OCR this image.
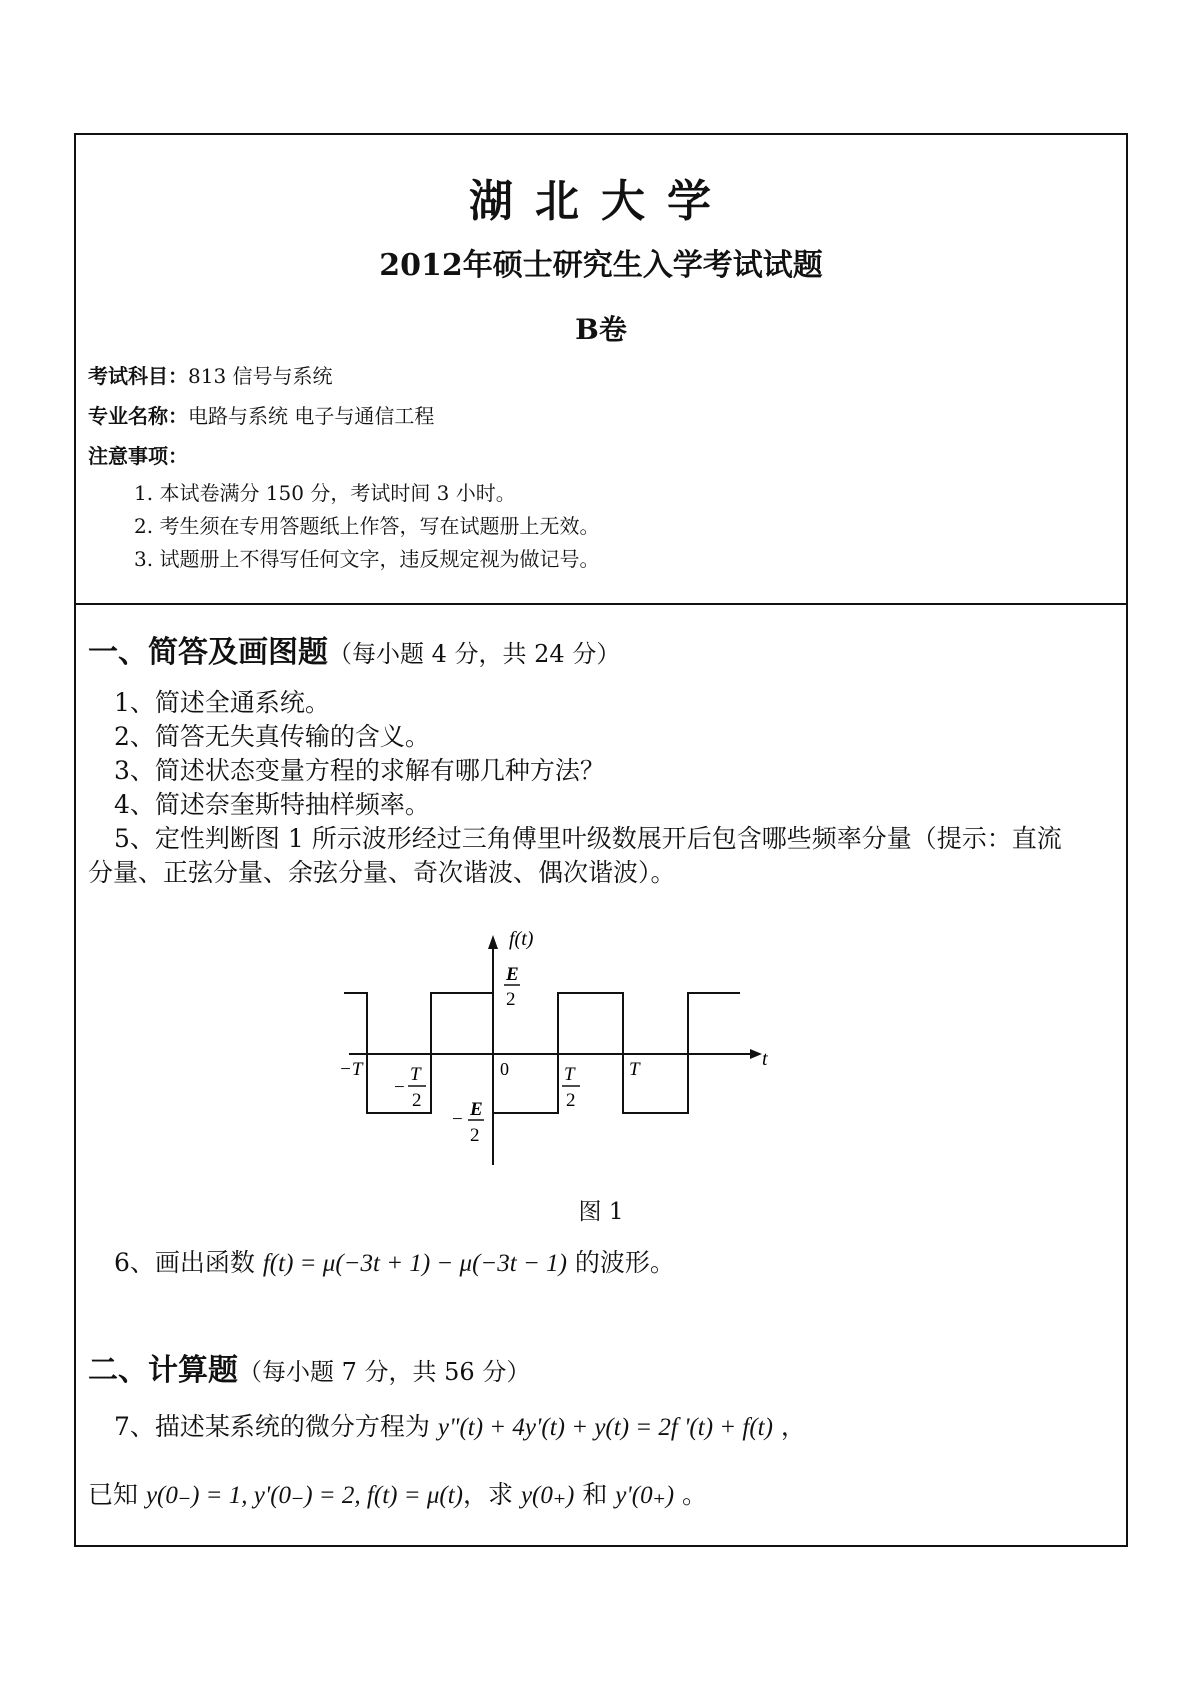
湖北大学
2012年硕士研究生入学考试试题
B卷
考试科目：813 信号与系统
专业名称：电路与系统 电子与通信工程
注意事项：
1. 本试卷满分 150 分，考试时间 3 小时。
2. 考生须在专用答题纸上作答，写在试题册上无效。
3. 试题册上不得写任何文字，违反规定视为做记号。
一、简答及画图题（每小题 4 分，共 24 分）
1、简述全通系统。
2、简答无失真传输的含义。
3、简述状态变量方程的求解有哪几种方法？
4、简述奈奎斯特抽样频率。
5、定性判断图 1 所示波形经过三角傅里叶级数展开后包含哪些频率分量（提示：直流
分量、正弦分量、余弦分量、奇次谐波、偶次谐波）。
f(t)
t
0
E
2
−T
−
T
2
T
2
T
− E
2
图 1
6、画出函数 f(t) = μ(−3t + 1) − μ(−3t − 1) 的波形。
二、计算题（每小题 7 分，共 56 分）
7、描述某系统的微分方程为 y"(t) + 4y'(t) + y(t) = 2f '(t) + f(t) ，
已知 y(0₋) = 1, y'(0₋) = 2, f(t) = μ(t)，求 y(0₊) 和 y'(0₊) 。
